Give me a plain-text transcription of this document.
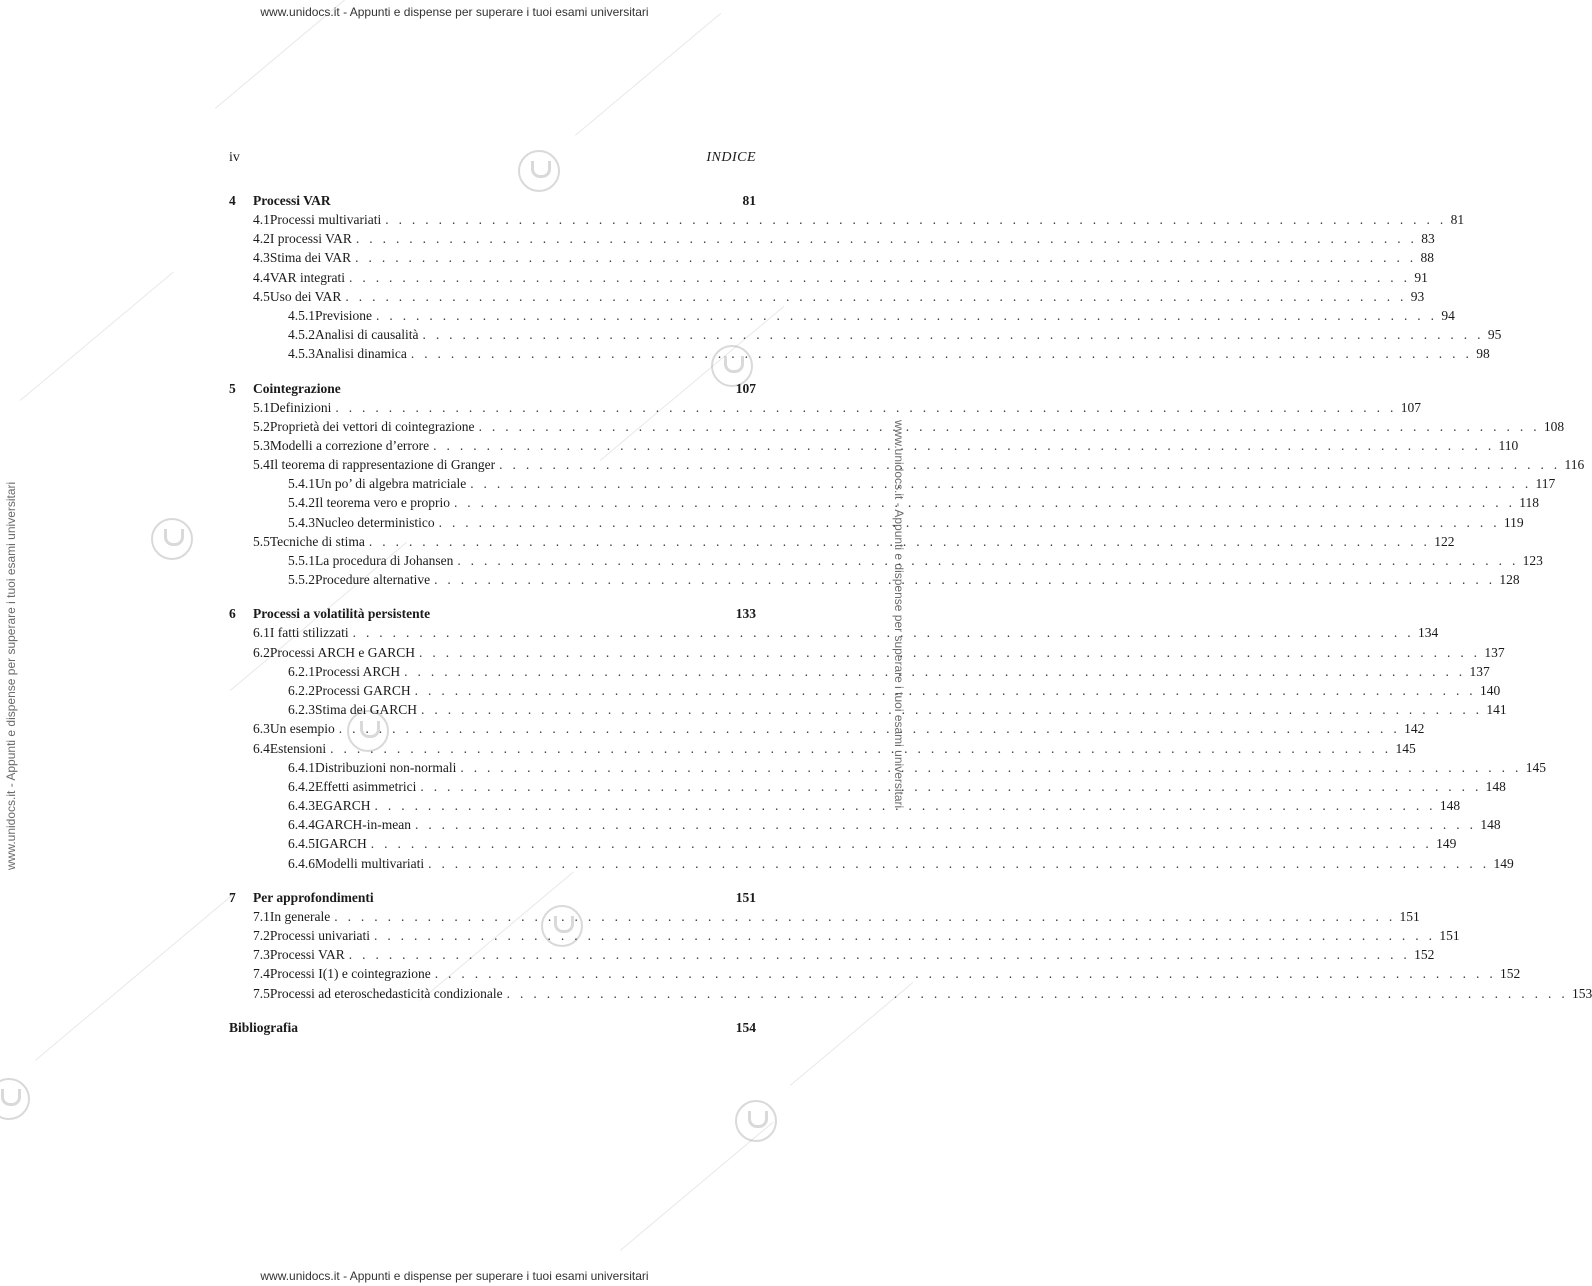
www.unidocs.it - Appunti e dispense per superare i tuoi esami universitari
www.unidocs.it - Appunti e dispense per superare i tuoi esami universitari
www.unidocs.it - Appunti e dispense per superare i tuoi esami universitari	www.unidocs.it - Appunti e dispense per superare i tuoi esami universitari
iv	INDICE
4	Processi VAR	81
4.1 Processi multivariati . . . . . . . . . . . . . . . . . . . . . . . . . . . . . . . . . . . . . . . . . . . . . . . . . . . . . . . . . . . . . . . . . . . . . . . . . . . . . . . . 81
4.2 I processi VAR . . . . . . . . . . . . . . . . . . . . . . . . . . . . . . . . . . . . . . . . . . . . . . . . . . . . . . . . . . . . . . . . . . . . . . . . . . . . . . . . 83
4.3 Stima dei VAR . . . . . . . . . . . . . . . . . . . . . . . . . . . . . . . . . . . . . . . . . . . . . . . . . . . . . . . . . . . . . . . . . . . . . . . . . . . . . . . . 88
4.4 VAR integrati . . . . . . . . . . . . . . . . . . . . . . . . . . . . . . . . . . . . . . . . . . . . . . . . . . . . . . . . . . . . . . . . . . . . . . . . . . . . . . . . 91
4.5 Uso dei VAR . . . . . . . . . . . . . . . . . . . . . . . . . . . . . . . . . . . . . . . . . . . . . . . . . . . . . . . . . . . . . . . . . . . . . . . . . . . . . . . . 93
4.5.1 Previsione . . . . . . . . . . . . . . . . . . . . . . . . . . . . . . . . . . . . . . . . . . . . . . . . . . . . . . . . . . . . . . . . . . . . . . . . . . . . . . . . 94
4.5.2 Analisi di causalità . . . . . . . . . . . . . . . . . . . . . . . . . . . . . . . . . . . . . . . . . . . . . . . . . . . . . . . . . . . . . . . . . . . . . . . . . . . . . . . . 95
4.5.3 Analisi dinamica . . . . . . . . . . . . . . . . . . . . . . . . . . . . . . . . . . . . . . . . . . . . . . . . . . . . . . . . . . . . . . . . . . . . . . . . . . . . . . . . 98
5	Cointegrazione	107
5.1 Definizioni . . . . . . . . . . . . . . . . . . . . . . . . . . . . . . . . . . . . . . . . . . . . . . . . . . . . . . . . . . . . . . . . . . . . . . . . . . . . . . . . 107
5.2 Proprietà dei vettori di cointegrazione . . . . . . . . . . . . . . . . . . . . . . . . . . . . . . . . . . . . . . . . . . . . . . . . . . . . . . . . . . . . . . . . . . . . . . . . . . . . . . . . 108
5.3 Modelli a correzione d’errore . . . . . . . . . . . . . . . . . . . . . . . . . . . . . . . . . . . . . . . . . . . . . . . . . . . . . . . . . . . . . . . . . . . . . . . . . . . . . . . . 110
5.4 Il teorema di rappresentazione di Granger . . . . . . . . . . . . . . . . . . . . . . . . . . . . . . . . . . . . . . . . . . . . . . . . . . . . . . . . . . . . . . . . . . . . . . . . . . . . . . . . 116
5.4.1 Un po’ di algebra matriciale . . . . . . . . . . . . . . . . . . . . . . . . . . . . . . . . . . . . . . . . . . . . . . . . . . . . . . . . . . . . . . . . . . . . . . . . . . . . . . . . 117
5.4.2 Il teorema vero e proprio . . . . . . . . . . . . . . . . . . . . . . . . . . . . . . . . . . . . . . . . . . . . . . . . . . . . . . . . . . . . . . . . . . . . . . . . . . . . . . . . 118
5.4.3 Nucleo deterministico . . . . . . . . . . . . . . . . . . . . . . . . . . . . . . . . . . . . . . . . . . . . . . . . . . . . . . . . . . . . . . . . . . . . . . . . . . . . . . . . 119
5.5 Tecniche di stima . . . . . . . . . . . . . . . . . . . . . . . . . . . . . . . . . . . . . . . . . . . . . . . . . . . . . . . . . . . . . . . . . . . . . . . . . . . . . . . . 122
5.5.1 La procedura di Johansen . . . . . . . . . . . . . . . . . . . . . . . . . . . . . . . . . . . . . . . . . . . . . . . . . . . . . . . . . . . . . . . . . . . . . . . . . . . . . . . . 123
5.5.2 Procedure alternative . . . . . . . . . . . . . . . . . . . . . . . . . . . . . . . . . . . . . . . . . . . . . . . . . . . . . . . . . . . . . . . . . . . . . . . . . . . . . . . . 128
6	Processi a volatilità persistente	133
6.1 I fatti stilizzati . . . . . . . . . . . . . . . . . . . . . . . . . . . . . . . . . . . . . . . . . . . . . . . . . . . . . . . . . . . . . . . . . . . . . . . . . . . . . . . . 134
6.2 Processi ARCH e GARCH . . . . . . . . . . . . . . . . . . . . . . . . . . . . . . . . . . . . . . . . . . . . . . . . . . . . . . . . . . . . . . . . . . . . . . . . . . . . . . . . 137
6.2.1 Processi ARCH . . . . . . . . . . . . . . . . . . . . . . . . . . . . . . . . . . . . . . . . . . . . . . . . . . . . . . . . . . . . . . . . . . . . . . . . . . . . . . . . 137
6.2.2 Processi GARCH . . . . . . . . . . . . . . . . . . . . . . . . . . . . . . . . . . . . . . . . . . . . . . . . . . . . . . . . . . . . . . . . . . . . . . . . . . . . . . . . 140
6.2.3 Stima dei GARCH . . . . . . . . . . . . . . . . . . . . . . . . . . . . . . . . . . . . . . . . . . . . . . . . . . . . . . . . . . . . . . . . . . . . . . . . . . . . . . . . 141
6.3 Un esempio . . . . . . . . . . . . . . . . . . . . . . . . . . . . . . . . . . . . . . . . . . . . . . . . . . . . . . . . . . . . . . . . . . . . . . . . . . . . . . . . 142
6.4 Estensioni . . . . . . . . . . . . . . . . . . . . . . . . . . . . . . . . . . . . . . . . . . . . . . . . . . . . . . . . . . . . . . . . . . . . . . . . . . . . . . . . 145
6.4.1 Distribuzioni non-normali . . . . . . . . . . . . . . . . . . . . . . . . . . . . . . . . . . . . . . . . . . . . . . . . . . . . . . . . . . . . . . . . . . . . . . . . . . . . . . . . 145
6.4.2 Effetti asimmetrici . . . . . . . . . . . . . . . . . . . . . . . . . . . . . . . . . . . . . . . . . . . . . . . . . . . . . . . . . . . . . . . . . . . . . . . . . . . . . . . . 148
6.4.3 EGARCH . . . . . . . . . . . . . . . . . . . . . . . . . . . . . . . . . . . . . . . . . . . . . . . . . . . . . . . . . . . . . . . . . . . . . . . . . . . . . . . . 148
6.4.4 GARCH-in-mean . . . . . . . . . . . . . . . . . . . . . . . . . . . . . . . . . . . . . . . . . . . . . . . . . . . . . . . . . . . . . . . . . . . . . . . . . . . . . . . . 148
6.4.5 IGARCH . . . . . . . . . . . . . . . . . . . . . . . . . . . . . . . . . . . . . . . . . . . . . . . . . . . . . . . . . . . . . . . . . . . . . . . . . . . . . . . . 149
6.4.6 Modelli multivariati . . . . . . . . . . . . . . . . . . . . . . . . . . . . . . . . . . . . . . . . . . . . . . . . . . . . . . . . . . . . . . . . . . . . . . . . . . . . . . . . 149
7	Per approfondimenti	151
7.1 In generale . . . . . . . . . . . . . . . . . . . . . . . . . . . . . . . . . . . . . . . . . . . . . . . . . . . . . . . . . . . . . . . . . . . . . . . . . . . . . . . . 151
7.2 Processi univariati . . . . . . . . . . . . . . . . . . . . . . . . . . . . . . . . . . . . . . . . . . . . . . . . . . . . . . . . . . . . . . . . . . . . . . . . . . . . . . . . 151
7.3 Processi VAR . . . . . . . . . . . . . . . . . . . . . . . . . . . . . . . . . . . . . . . . . . . . . . . . . . . . . . . . . . . . . . . . . . . . . . . . . . . . . . . . 152
7.4 Processi I(1) e cointegrazione . . . . . . . . . . . . . . . . . . . . . . . . . . . . . . . . . . . . . . . . . . . . . . . . . . . . . . . . . . . . . . . . . . . . . . . . . . . . . . . . 152
7.5 Processi ad eteroschedasticità condizionale . . . . . . . . . . . . . . . . . . . . . . . . . . . . . . . . . . . . . . . . . . . . . . . . . . . . . . . . . . . . . . . . . . . . . . . . . . . . . . . . 153
Bibliografia	154
